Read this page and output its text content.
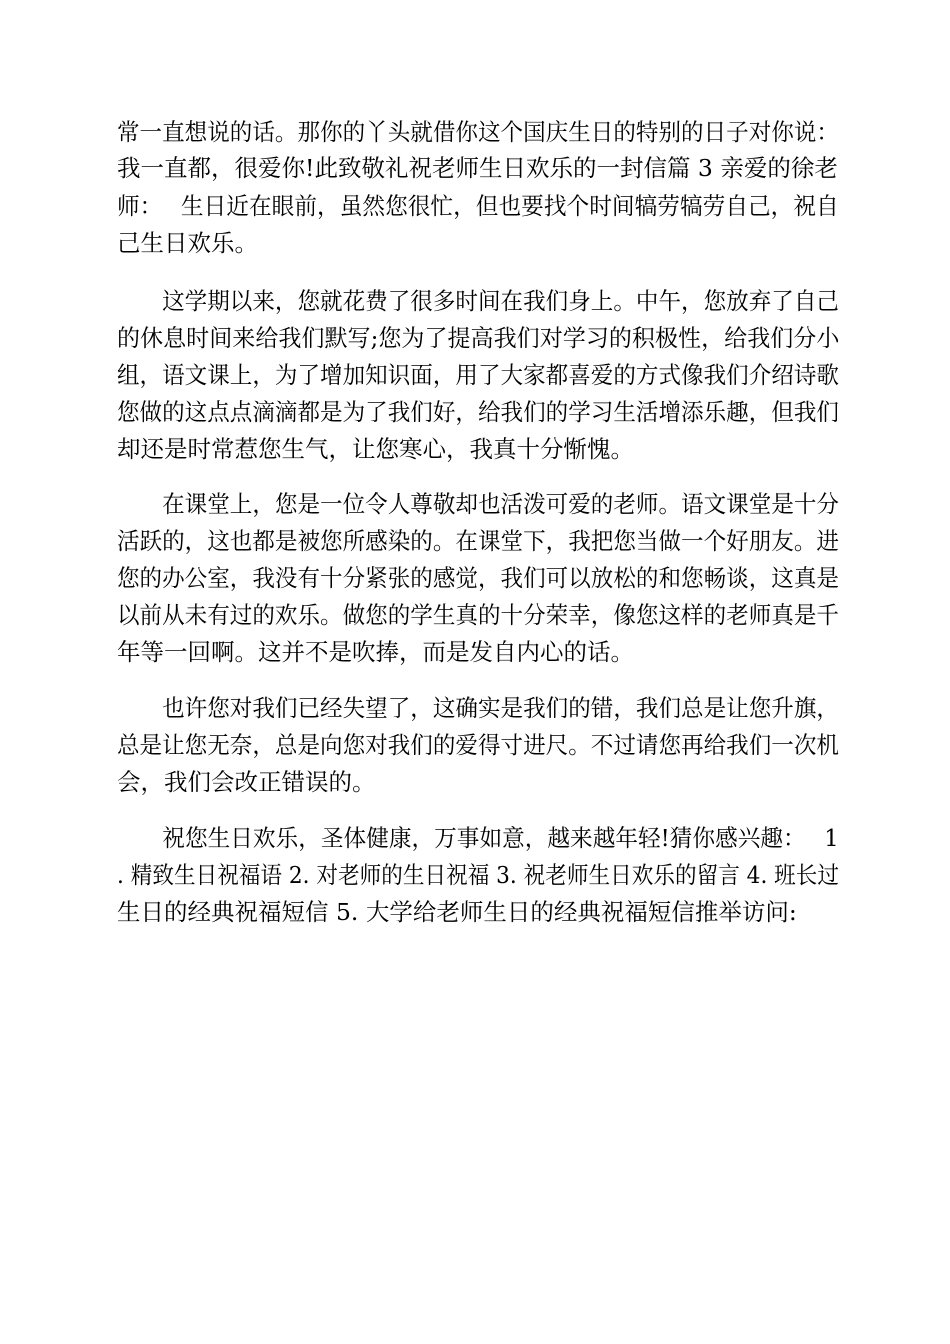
常一直想说的话。那你的丫头就借你这个国庆生日的特别的日子对你说：
我一直都，很爱你!此致敬礼祝老师生日欢乐的一封信篇 3 亲爱的徐老
师：　 生日近在眼前，虽然您很忙，但也要找个时间犒劳犒劳自己，祝自
己生日欢乐。
　　这学期以来，您就花费了很多时间在我们身上。中午，您放弃了自己
的休息时间来给我们默写;您为了提高我们对学习的积极性，给我们分小
组，语文课上，为了增加知识面，用了大家都喜爱的方式像我们介绍诗歌
您做的这点点滴滴都是为了我们好，给我们的学习生活增添乐趣，但我们
却还是时常惹您生气，让您寒心，我真十分惭愧。
　　在课堂上，您是一位令人尊敬却也活泼可爱的老师。语文课堂是十分
活跃的，这也都是被您所感染的。在课堂下，我把您当做一个好朋友。进
您的办公室，我没有十分紧张的感觉，我们可以放松的和您畅谈，这真是
以前从未有过的欢乐。做您的学生真的十分荣幸，像您这样的老师真是千
年等一回啊。这并不是吹捧，而是发自内心的话。
　　也许您对我们已经失望了，这确实是我们的错，我们总是让您升旗，
总是让您无奈，总是向您对我们的爱得寸进尺。不过请您再给我们一次机
会，我们会改正错误的。
　　祝您生日欢乐，圣体健康，万事如意，越来越年轻!猜你感兴趣：　 1
. 精致生日祝福语 2. 对老师的生日祝福 3. 祝老师生日欢乐的留言 4. 班长过
生日的经典祝福短信 5. 大学给老师生日的经典祝福短信推举访问:
